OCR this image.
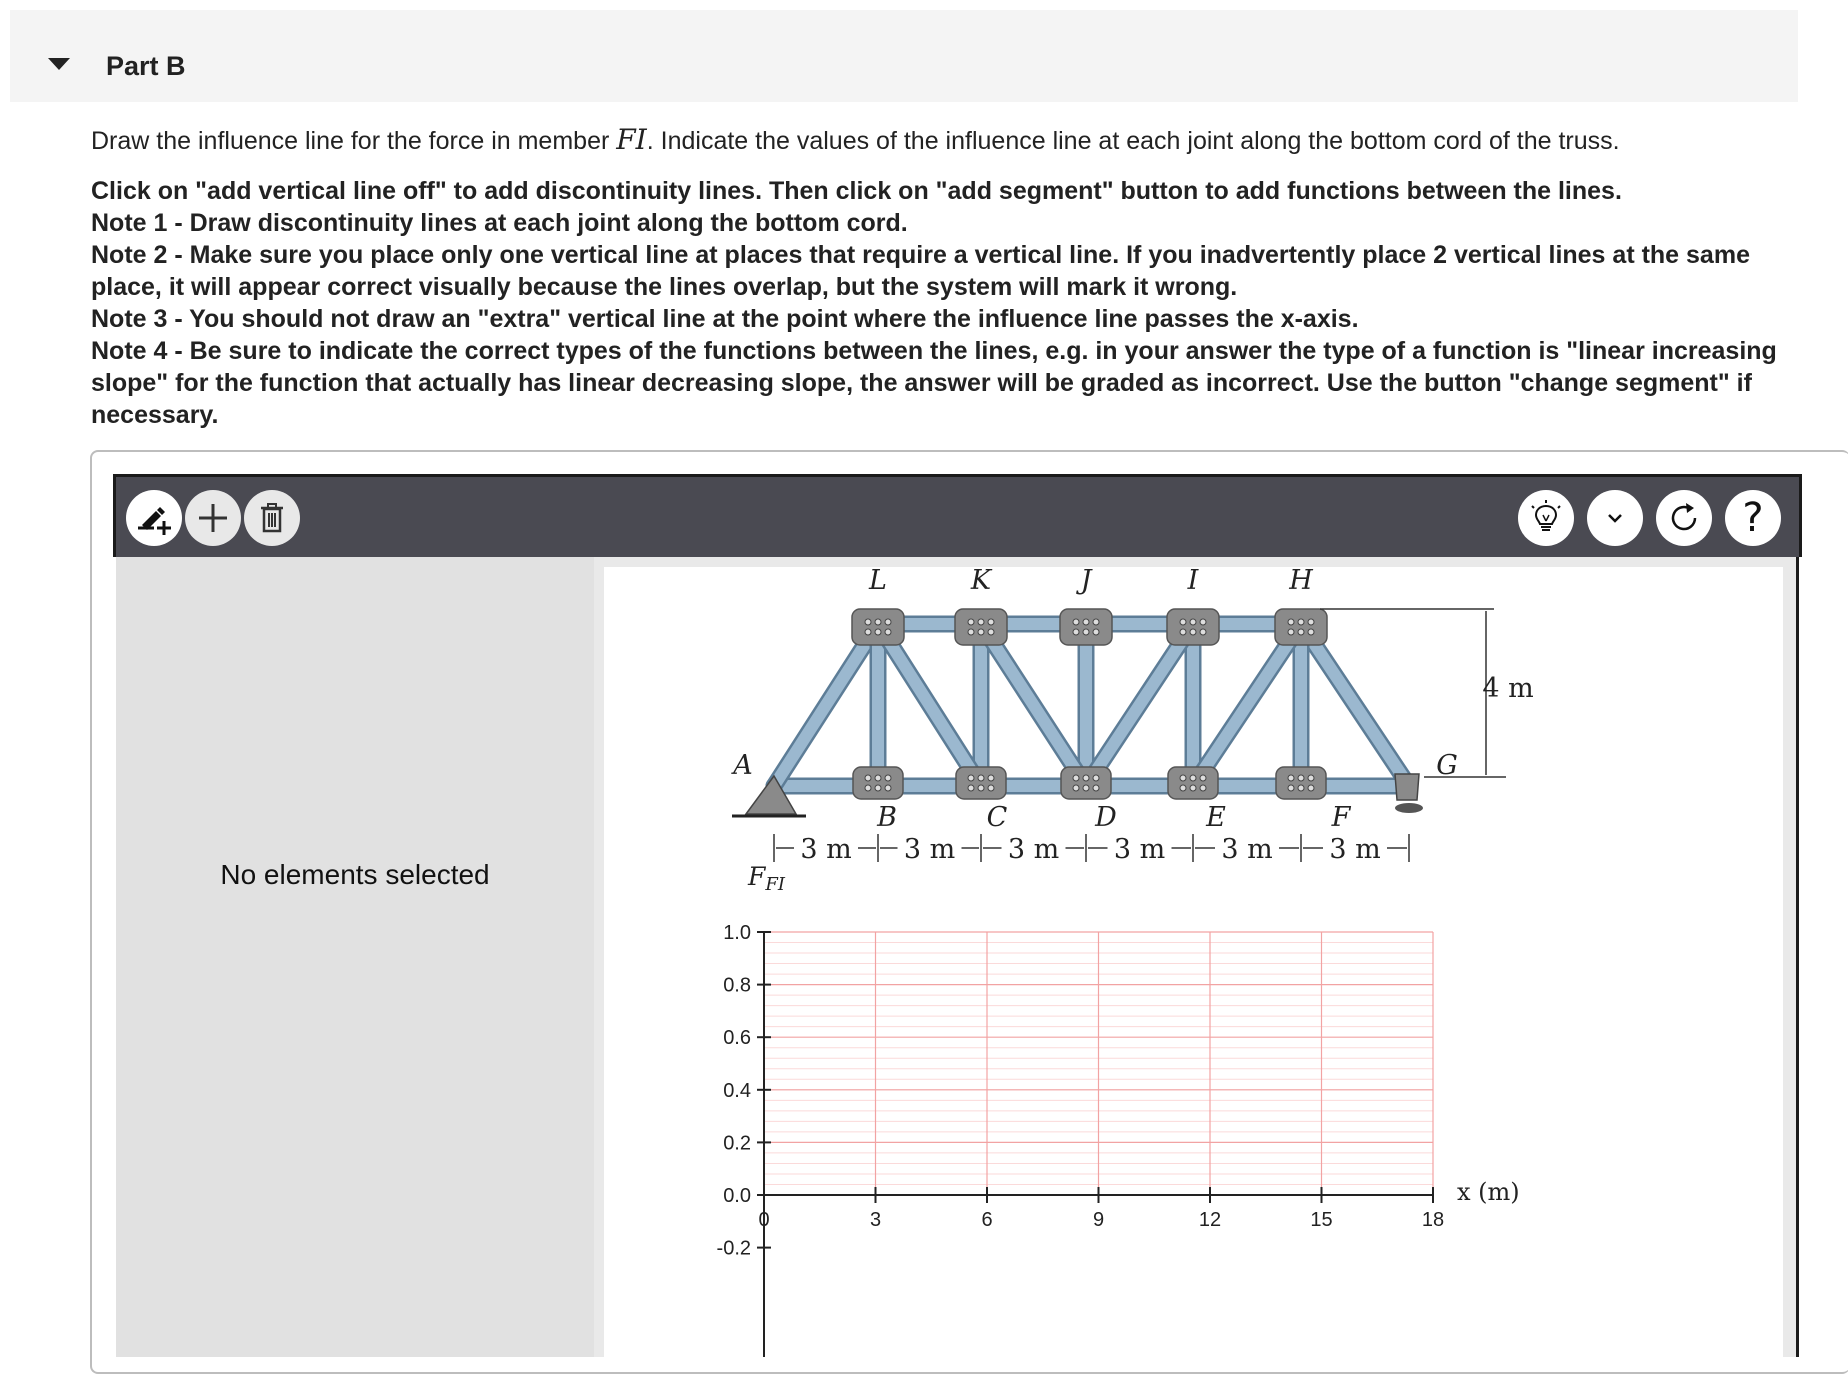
Part B
Draw the influence line for the force in member FI. Indicate the values of the influence line at each joint along the bottom cord of the truss.
Click on "add vertical line off" to add discontinuity lines. Then click on "add segment" button to add functions between the lines.
Note 1 - Draw discontinuity lines at each joint along the bottom cord.
Note 2 - Make sure you place only one vertical line at places that require a vertical line. If you inadvertently place 2 vertical lines at the same place, it will appear correct visually because the lines overlap, but the system will mark it wrong.
Note 3 - You should not draw an "extra" vertical line at the point where the influence line passes the x-axis.
Note 4 - Be sure to indicate the correct types of the functions between the lines, e.g. in your answer the type of a function is "linear increasing slope" for the function that actually has linear decreasing slope, the answer will be graded as incorrect. Use the button "change segment" if necessary.
?
No elements selected
L	K	J	I	H
A
B	C	D	E	F
G
4 m
3 m 3 m 3 m 3 m 3 m 3 m
1.0
0.8
0.6
0.4
0.2
0.0
-0.2
0	3	6	9	12	15	18
$F_{FI}$
x (m)
